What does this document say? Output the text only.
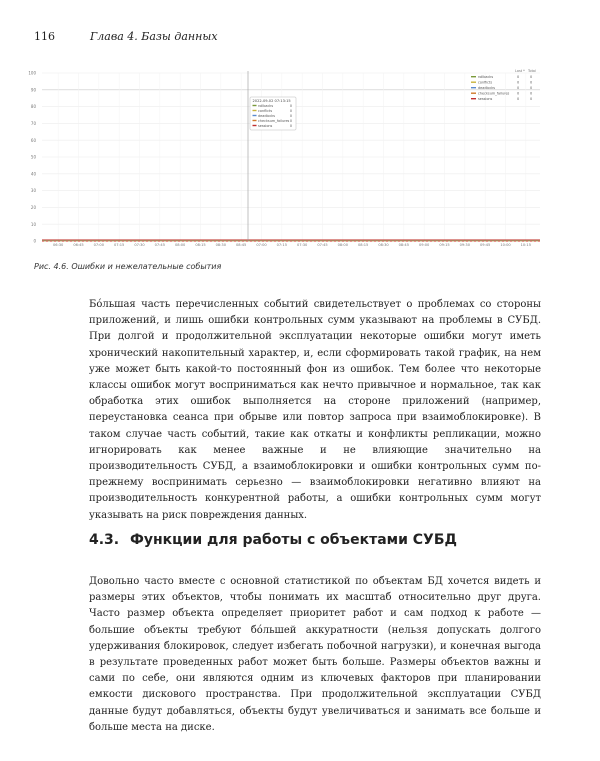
116	Глава 4. Базы данных
100
90
80
70
60
50
40
30
20
10
0
06:30	06:45	07:00	07:15	07:30	07:45	08:00	08:15	08:30	08:45	07:00	07:15	07:30	07:45	08:00	08:15	08:30	08:45	09:00	09:15	09:30	09:45	10:00	10:15
2022-09-02 07:13:15
rollbacks	0
conflicts	0
deadlocks	0
checksum_failures 0
sessions	0
Last * Total
rollbacks	0	0
conflicts	0	0
deadlocks	0	0
checksum_failures 0	0
sessions	0	0
Рис. 4.6. Ошибки и нежелательные события

Бо́льшая часть перечисленных событий свидетельствует о проблемах со стороны приложений, и лишь ошибки контрольных сумм указывают на проблемы в СУБД. При долгой и продолжительной эксплуатации некоторые ошибки могут иметь хронический накопительный характер, и, если сформировать такой график, на нем уже может быть какой-то постоянный фон из ошибок. Тем более что некоторые классы ошибок могут восприниматься как нечто привычное и нормальное, так как обработка этих ошибок выполняется на стороне приложений (например, переустановка сеанса при обрыве или повтор запроса при взаимоблокировке). В таком случае часть событий, такие как откаты и конфликты репликации, можно игнорировать как менее важные и не влияющие значительно на производительность СУБД, а взаимоблокировки и ошибки контрольных сумм по-прежнему воспринимать серьезно — взаимоблокировки негативно влияют на производительность конкурентной работы, а ошибки контрольных сумм могут указывать на риск повреждения данных.

4.3. Функции для работы с объектами СУБД

Довольно часто вместе с основной статистикой по объектам БД хочется видеть и размеры этих объектов, чтобы понимать их масштаб относительно друг друга. Часто размер объекта определяет приоритет работ и сам подход к работе — большие объекты требуют бо́льшей аккуратности (нельзя допускать долгого удерживания блокировок, следует избегать побочной нагрузки), и конечная выгода в результате проведенных работ может быть больше. Размеры объектов важны и сами по себе, они являются одним из ключевых факторов при планировании емкости дискового пространства. При продолжительной эксплуатации СУБД данные будут добавляться, объекты будут увеличиваться и занимать все больше и больше места на диске.
